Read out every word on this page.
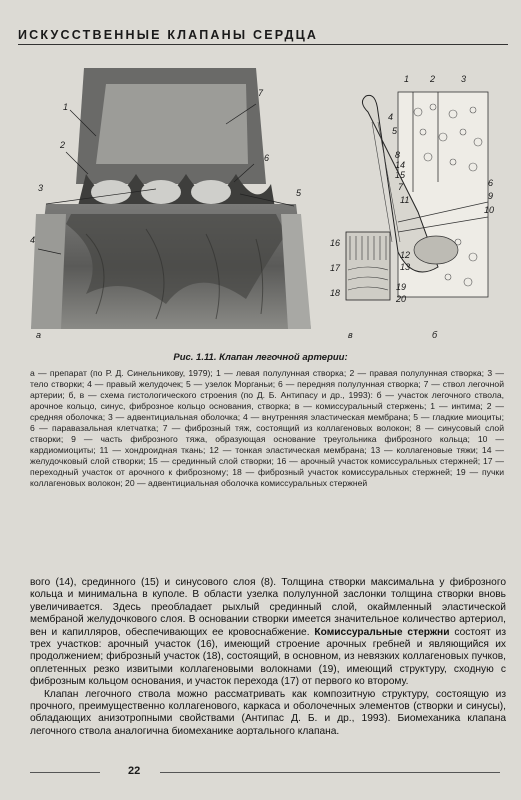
ИСКУССТВЕННЫЕ КЛАПАНЫ СЕРДЦА
1
2
3
4
5
6
7
а
1 2	3
4
5
8
14
15
7
11
6
9
10
12
13
б
16
17
18
19
20
в
Рис. 1.11. Клапан легочной артерии:
а — препарат (по Р. Д. Синельникову, 1979); 1 — левая полулунная створка; 2 — правая полулунная створка; 3 — тело створки; 4 — правый желудочек; 5 — узелок Морганьи; 6 — передняя полулунная створка; 7 — ствол легочной артерии; б, в — схема гистологического строения (по Д. Б. Антипасу и др., 1993): б — участок легочного ствола, арочное кольцо, синус, фиброзное кольцо основания, створка; в — комиссуральный стержень; 1 — интима; 2 — средняя оболочка; 3 — адвентициальная оболочка; 4 — внутренняя эластическая мембрана; 5 — гладкие миоциты; 6 — паравазальная клетчатка; 7 — фиброзный тяж, состоящий из коллагеновых волокон; 8 — синусовый слой створки; 9 — часть фиброзного тяжа, образующая основание треугольника фиброзного кольца; 10 — кардиомиоциты; 11 — хондроидная ткань; 12 — тонкая эластическая мембрана; 13 — коллагеновые тяжи; 14 — желудочковый слой створки; 15 — срединный слой створки; 16 — арочный участок комиссуральных стержней; 17 — переходный участок от арочного к фиброзному; 18 — фиброзный участок комиссуральных стержней; 19 — пучки коллагеновых волокон; 20 — адвентициальная оболочка комиссуральных стержней

вого (14), срединного (15) и синусового слоя (8). Толщина створки максимальна у фиброзного кольца и минимальна в куполе. В области узелка полулунной заслонки толщина створки вновь увеличивается. Здесь преобладает рыхлый срединный слой, окаймленный эластической мембраной желудочкового слоя. В основании створки имеется значительное количество артериол, вен и капилляров, обеспечивающих ее кровоснабжение. Комиссуральные стержни состоят из трех участков: арочный участок (16), имеющий строение арочных гребней и являющийся их продолжением; фиброзный участок (18), состоящий, в основном, из невязких коллагеновых пучков, оплетенных резко извитыми коллагеновыми волокнами (19), имеющий структуру, сходную с фиброзным кольцом основания, и участок перехода (17) от первого ко второму.

Клапан легочного ствола можно рассматривать как композитную структуру, состоящую из прочного, преимущественно коллагенового, каркаса и оболочечных элементов (створки и синусы), обладающих анизотропными свойствами (Антипас Д. Б. и др., 1993). Биомеханика клапана легочного ствола аналогична биомеханике аортального клапана.

22
